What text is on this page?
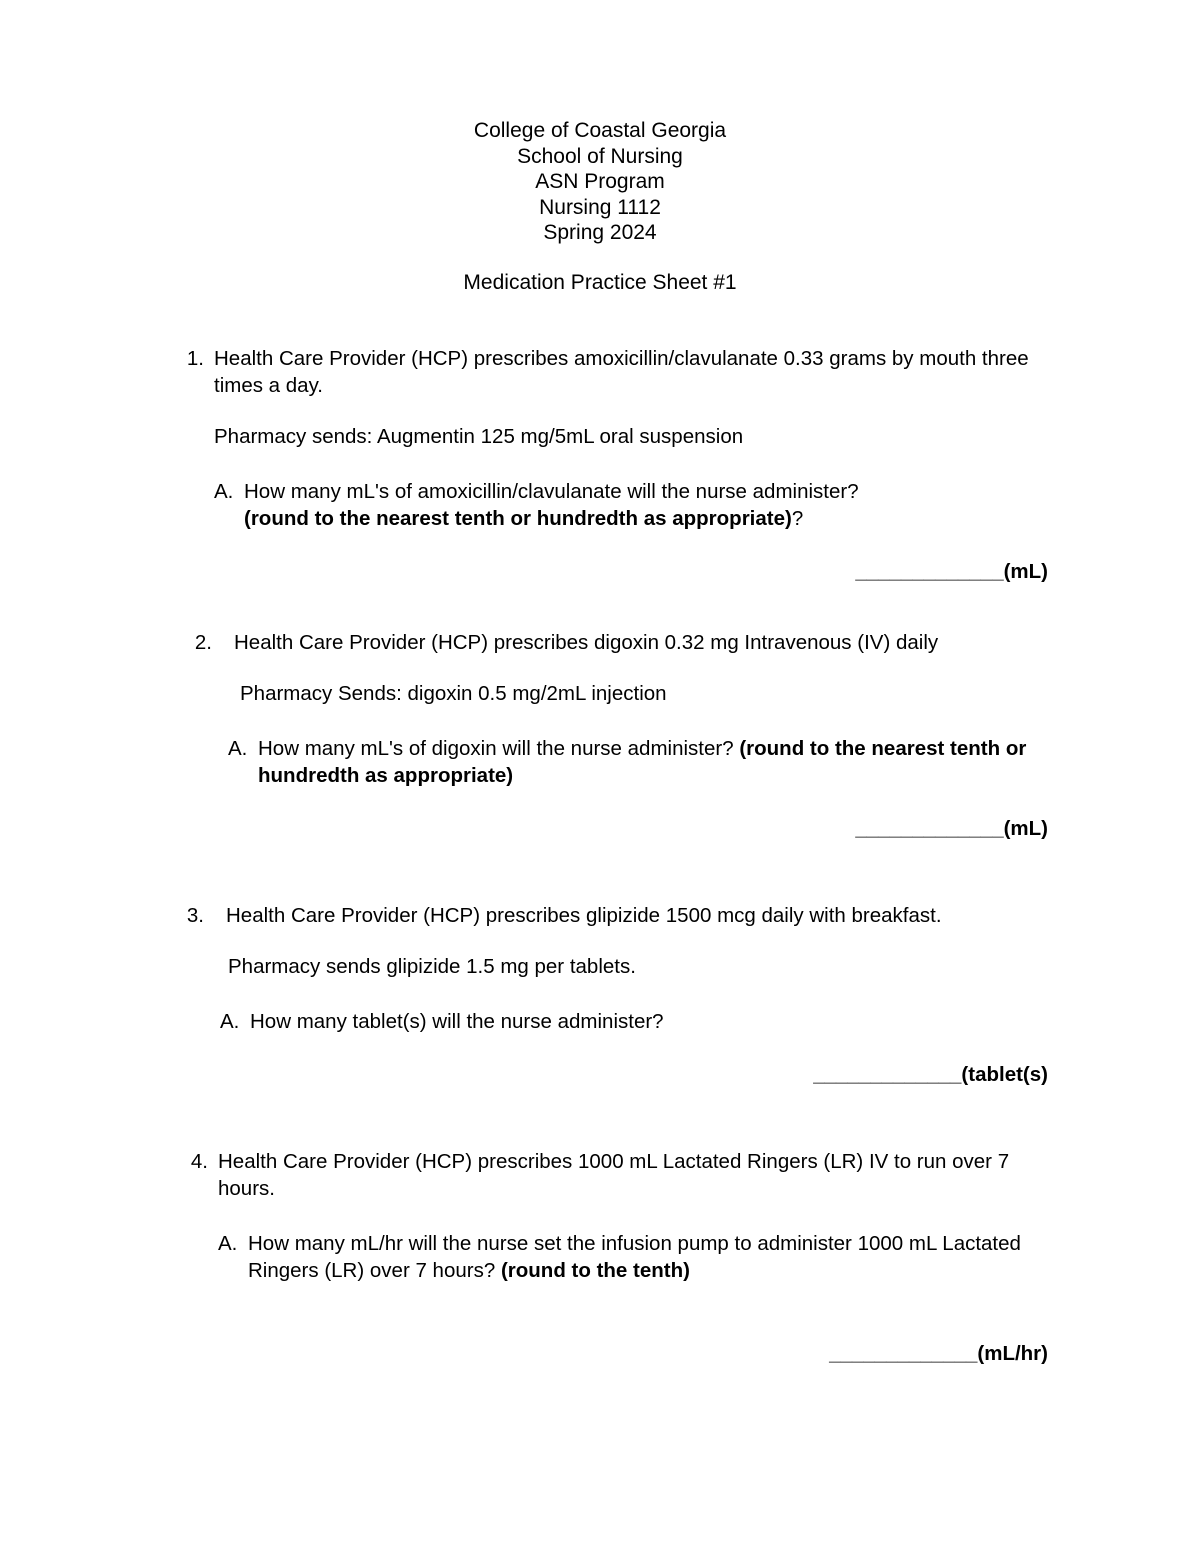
College of Coastal Georgia
School of Nursing
ASN Program
Nursing 1112
Spring 2024
Medication Practice Sheet #1
1. Health Care Provider (HCP) prescribes amoxicillin/clavulanate 0.33 grams by mouth three times a day.
Pharmacy sends: Augmentin 125 mg/5mL oral suspension
A. How many mL's of amoxicillin/clavulanate will the nurse administer?
(round to the nearest tenth or hundredth as appropriate)?
_____________(mL)
2. Health Care Provider (HCP) prescribes digoxin 0.32 mg Intravenous (IV) daily
Pharmacy Sends: digoxin 0.5 mg/2mL injection
A. How many mL's of digoxin will the nurse administer? (round to the nearest tenth or hundredth as appropriate)
_____________(mL)
3. Health Care Provider (HCP) prescribes glipizide 1500 mcg daily with breakfast.
Pharmacy sends glipizide 1.5 mg per tablets.
A. How many tablet(s) will the nurse administer?
_____________(tablet(s)
4. Health Care Provider (HCP) prescribes 1000 mL Lactated Ringers (LR) IV to run over 7 hours.
A. How many mL/hr will the nurse set the infusion pump to administer 1000 mL Lactated Ringers (LR) over 7 hours? (round to the tenth)
_____________(mL/hr)
